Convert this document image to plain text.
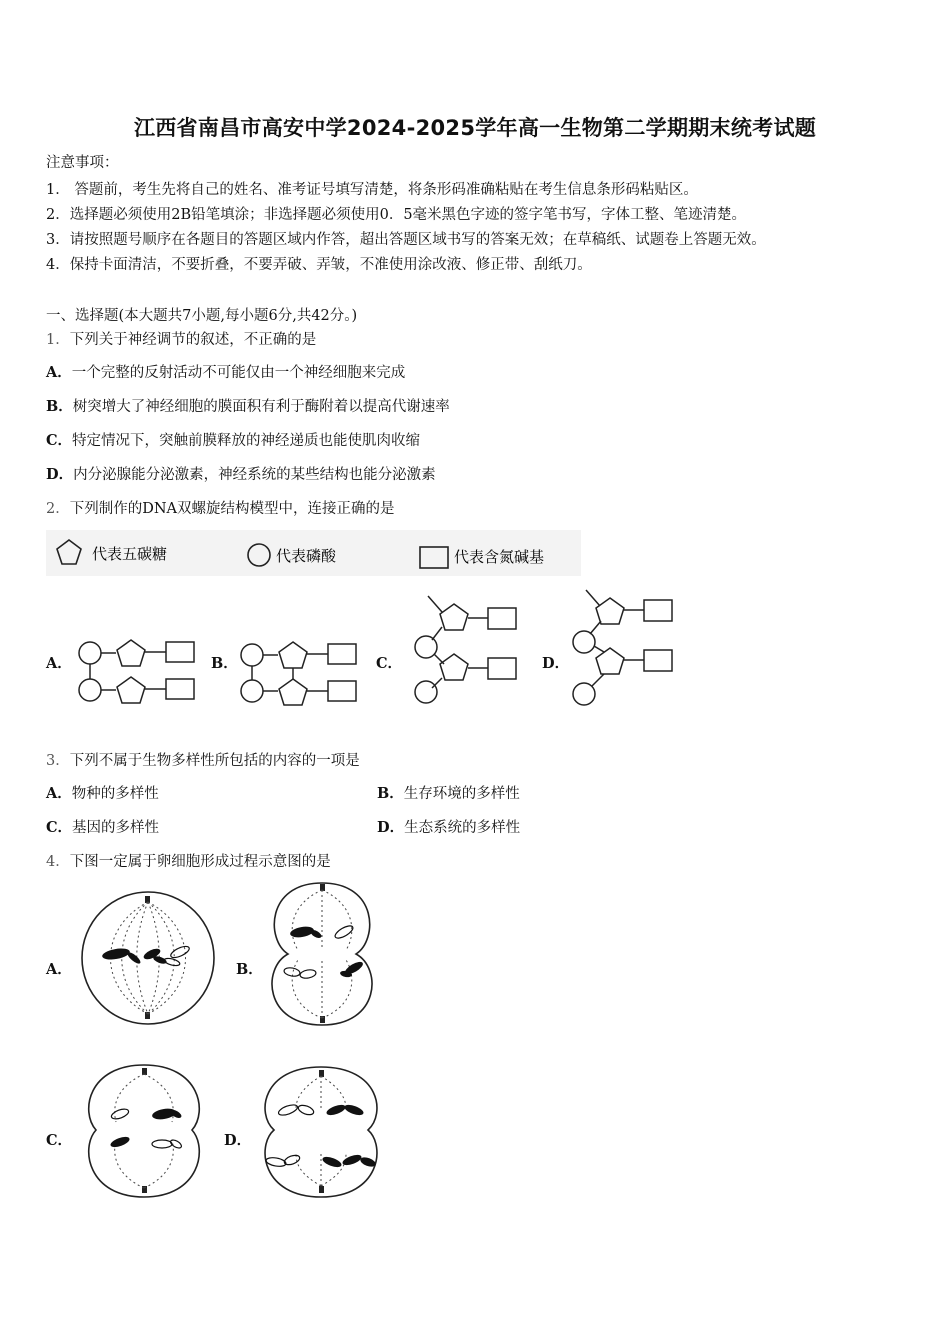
江西省南昌市高安中学2024-2025学年高一生物第二学期期末统考试题
注意事项：
1． 答题前，考生先将自己的姓名、准考证号填写清楚，将条形码准确粘贴在考生信息条形码粘贴区。
2．选择题必须使用2B铅笔填涂；非选择题必须使用0．5毫米黑色字迹的签字笔书写，字体工整、笔迹清楚。
3．请按照题号顺序在各题目的答题区域内作答，超出答题区域书写的答案无效；在草稿纸、试题卷上答题无效。
4．保持卡面清洁，不要折叠，不要弄破、弄皱，不准使用涂改液、修正带、刮纸刀。
一、选择题(本大题共7小题,每小题6分,共42分。)
1．下列关于神经调节的叙述，不正确的是
A．一个完整的反射活动不可能仅由一个神经细胞来完成
B．树突增大了神经细胞的膜面积有利于酶附着以提高代谢速率
C．特定情况下，突触前膜释放的神经递质也能使肌肉收缩
D．内分泌腺能分泌激素，神经系统的某些结构也能分泌激素
2．下列制作的DNA双螺旋结构模型中，连接正确的是
代表五碳糖	代表磷酸	代表含氮碱基
A．	B．	C．	D．
3．下列不属于生物多样性所包括的内容的一项是
A．物种的多样性	B．生存环境的多样性
C．基因的多样性	D．生态系统的多样性
4．下图一定属于卵细胞形成过程示意图的是
A．	B．
C．	D．
